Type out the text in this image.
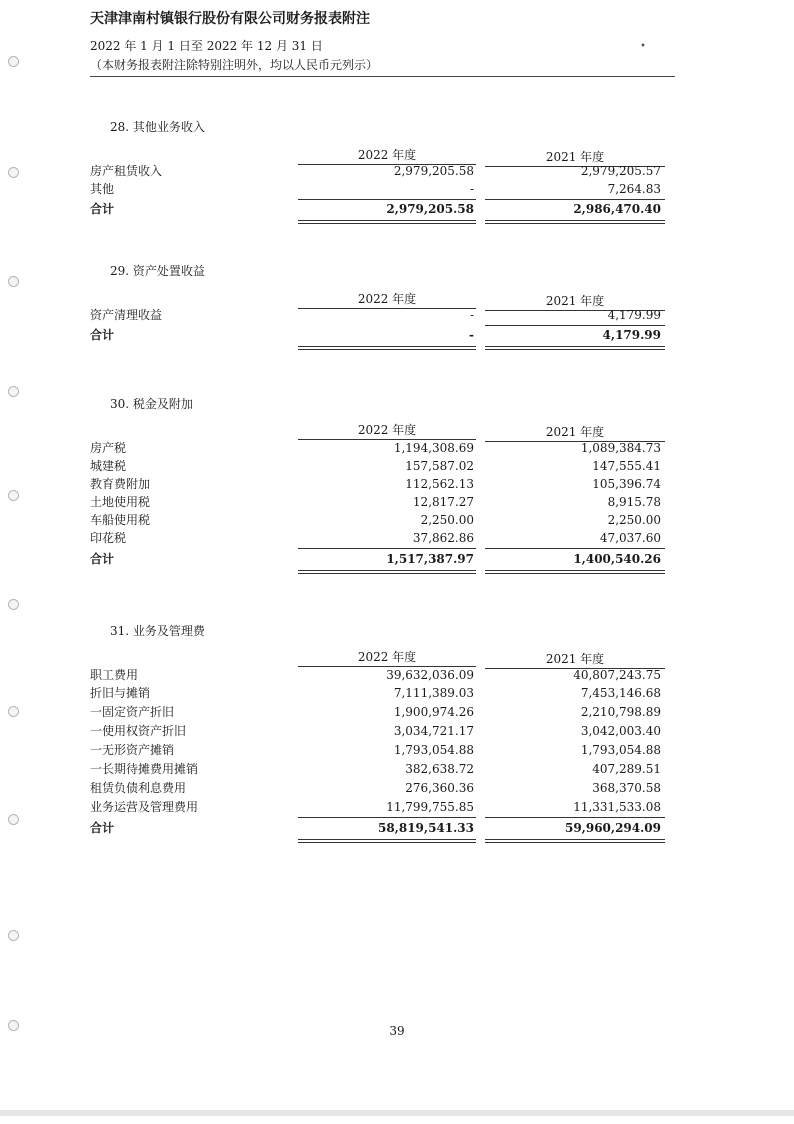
天津津南村镇银行股份有限公司财务报表附注
2022 年 1 月 1 日至 2022 年 12 月 31 日
（本财务报表附注除特别注明外，均以人民币元列示）
•
28. 其他业务收入
2022 年度	2021 年度
房产租赁收入	2,979,205.58	2,979,205.57
其他	-	7,264.83
合计	2,979,205.58	2,986,470.40
29. 资产处置收益
2022 年度	2021 年度
资产清理收益	-	4,179.99
合计	-	4,179.99
30. 税金及附加
2022 年度	2021 年度
房产税	1,194,308.69	1,089,384.73
城建税	157,587.02	147,555.41
教育费附加	112,562.13	105,396.74
土地使用税	12,817.27	8,915.78
车船使用税	2,250.00	2,250.00
印花税	37,862.86	47,037.60
合计	1,517,387.97	1,400,540.26
31. 业务及管理费
2022 年度	2021 年度
职工费用	39,632,036.09	40,807,243.75
折旧与摊销	7,111,389.03	7,453,146.68
一固定资产折旧	1,900,974.26	2,210,798.89
一使用权资产折旧	3,034,721.17	3,042,003.40
一无形资产摊销	1,793,054.88	1,793,054.88
一长期待摊费用摊销	382,638.72	407,289.51
租赁负债利息费用	276,360.36	368,370.58
业务运营及管理费用	11,799,755.85	11,331,533.08
合计	58,819,541.33	59,960,294.09
39
